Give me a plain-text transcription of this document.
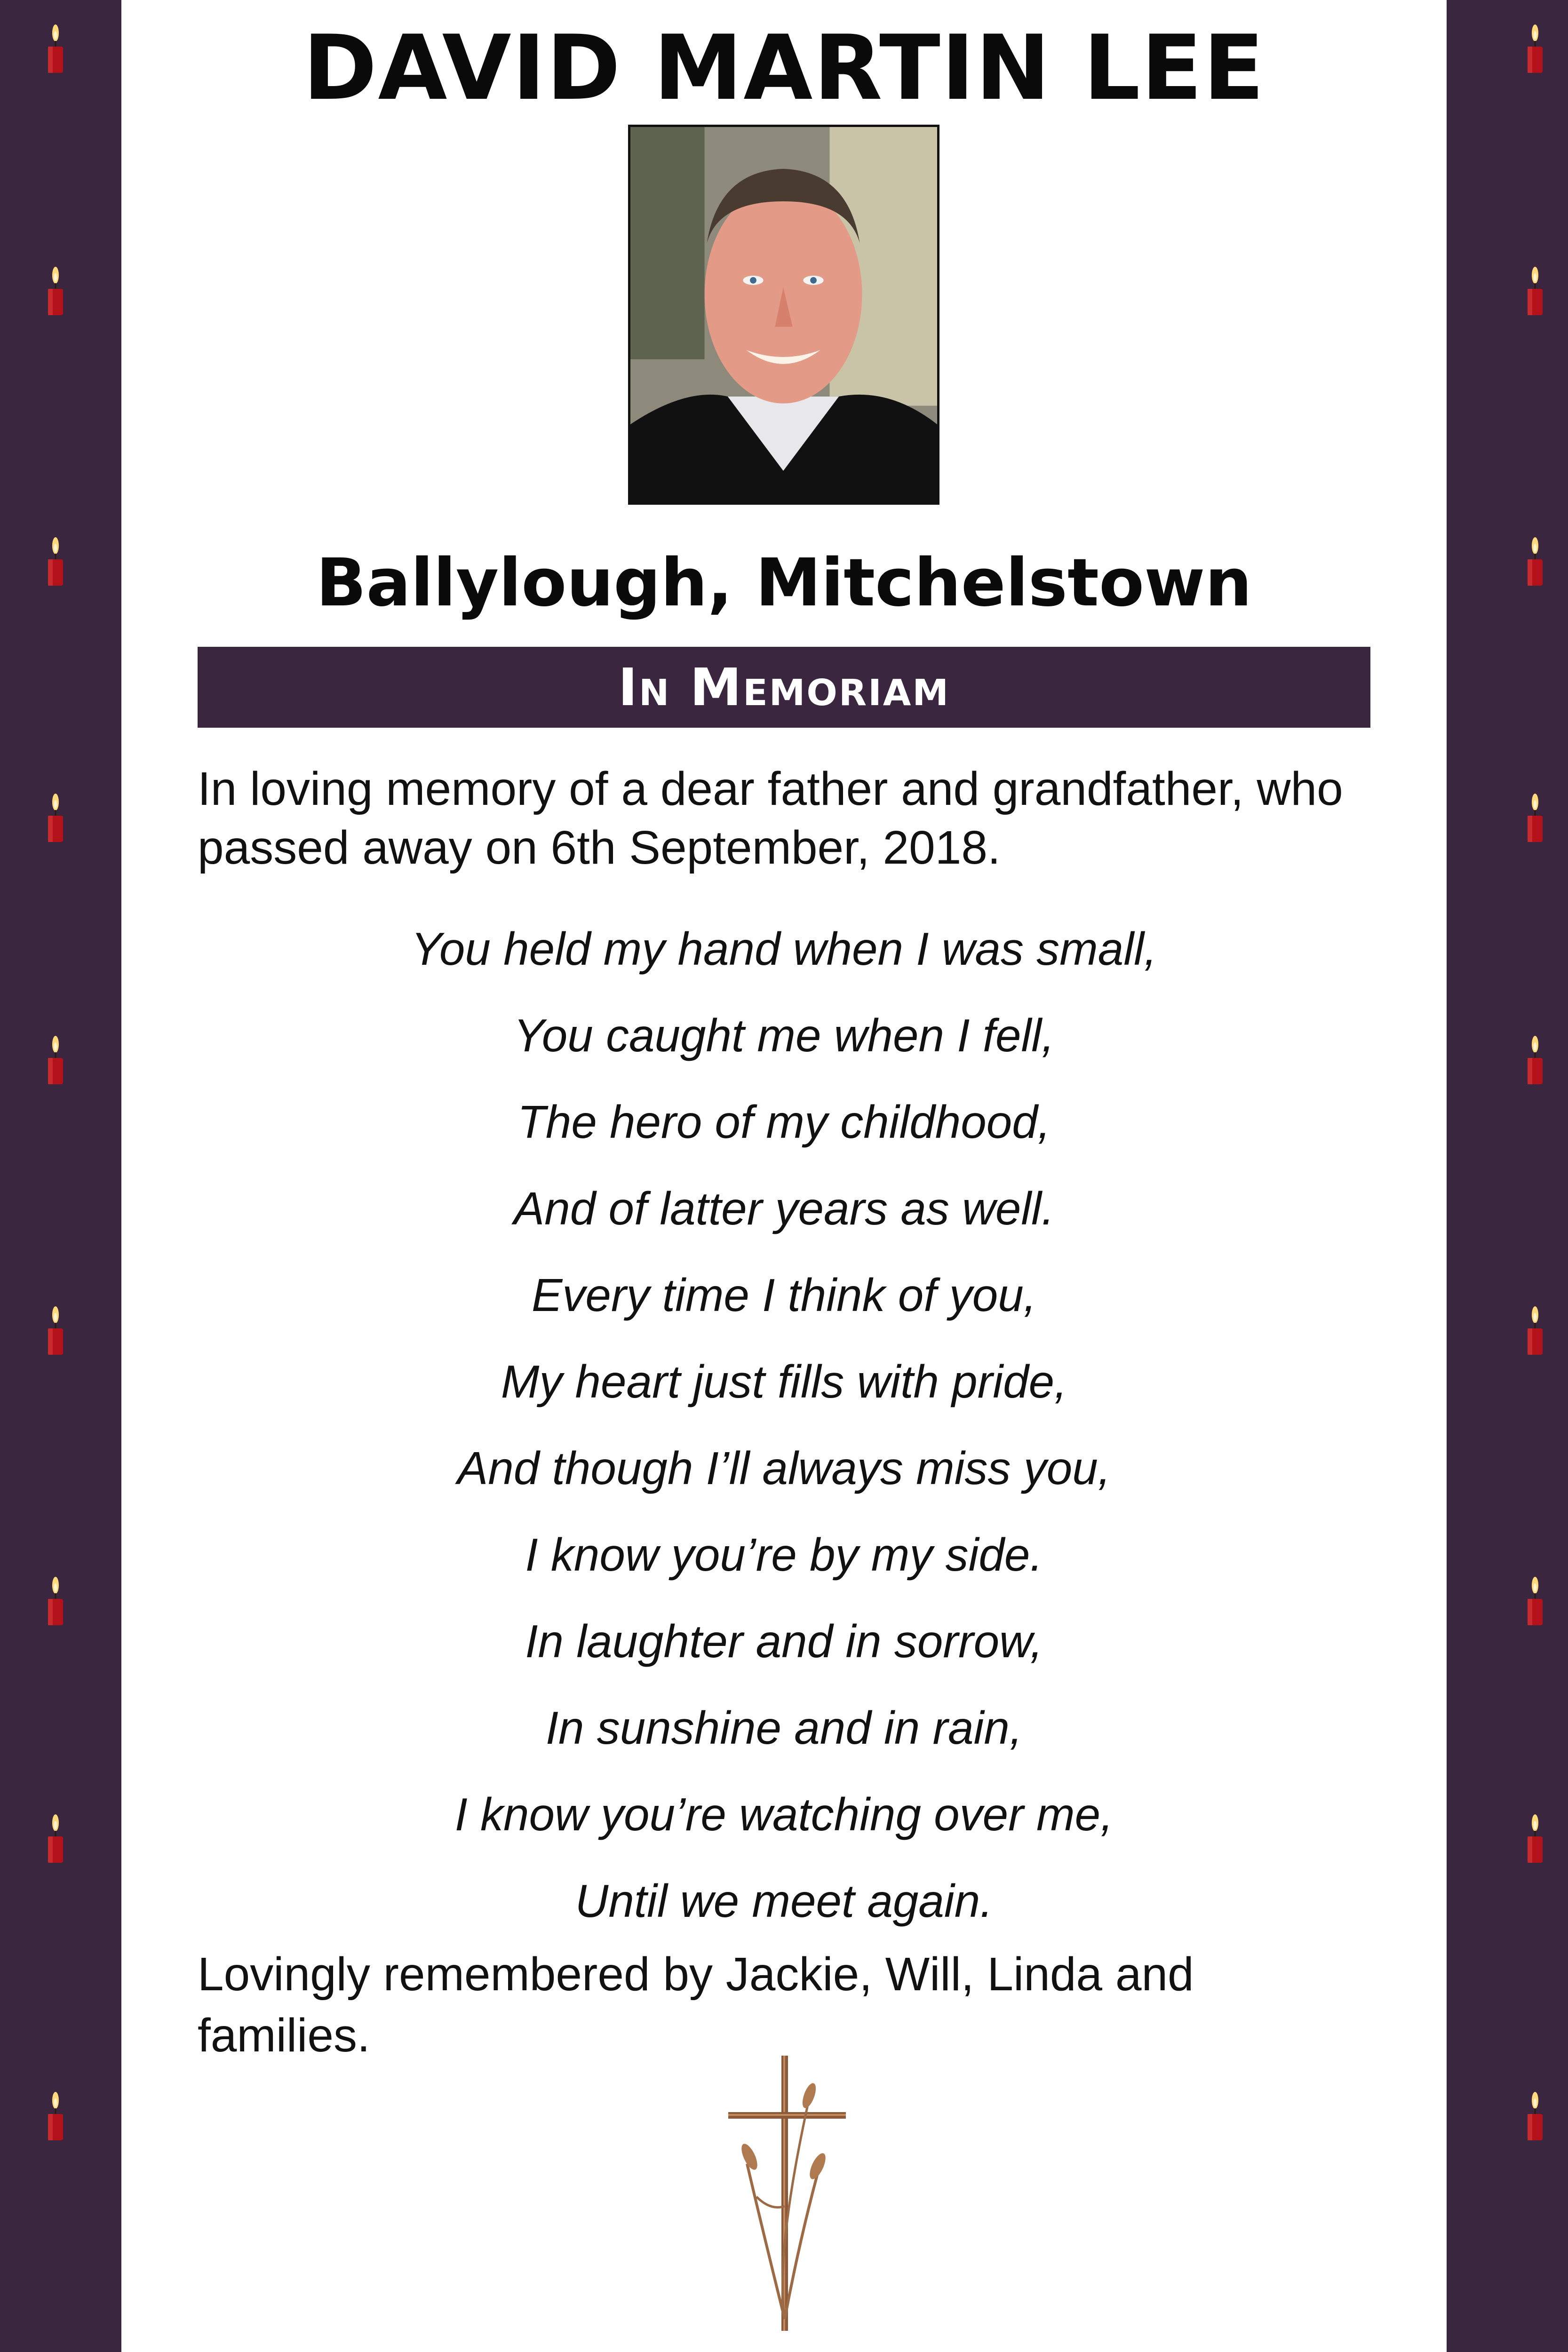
DAVID MARTIN LEE
Ballylough, Mitchelstown
In Memoriam

In loving memory of a dear father and grandfather, who passed away on 6th September, 2018.

You held my hand when I was small,
You caught me when I fell,
The hero of my childhood,
And of latter years as well.
Every time I think of you,
My heart just fills with pride,
And though I’ll always miss you,
I know you’re by my side.
In laughter and in sorrow,
In sunshine and in rain,
I know you’re watching over me,
Until we meet again.

Lovingly remembered by Jackie, Will, Linda and families.
